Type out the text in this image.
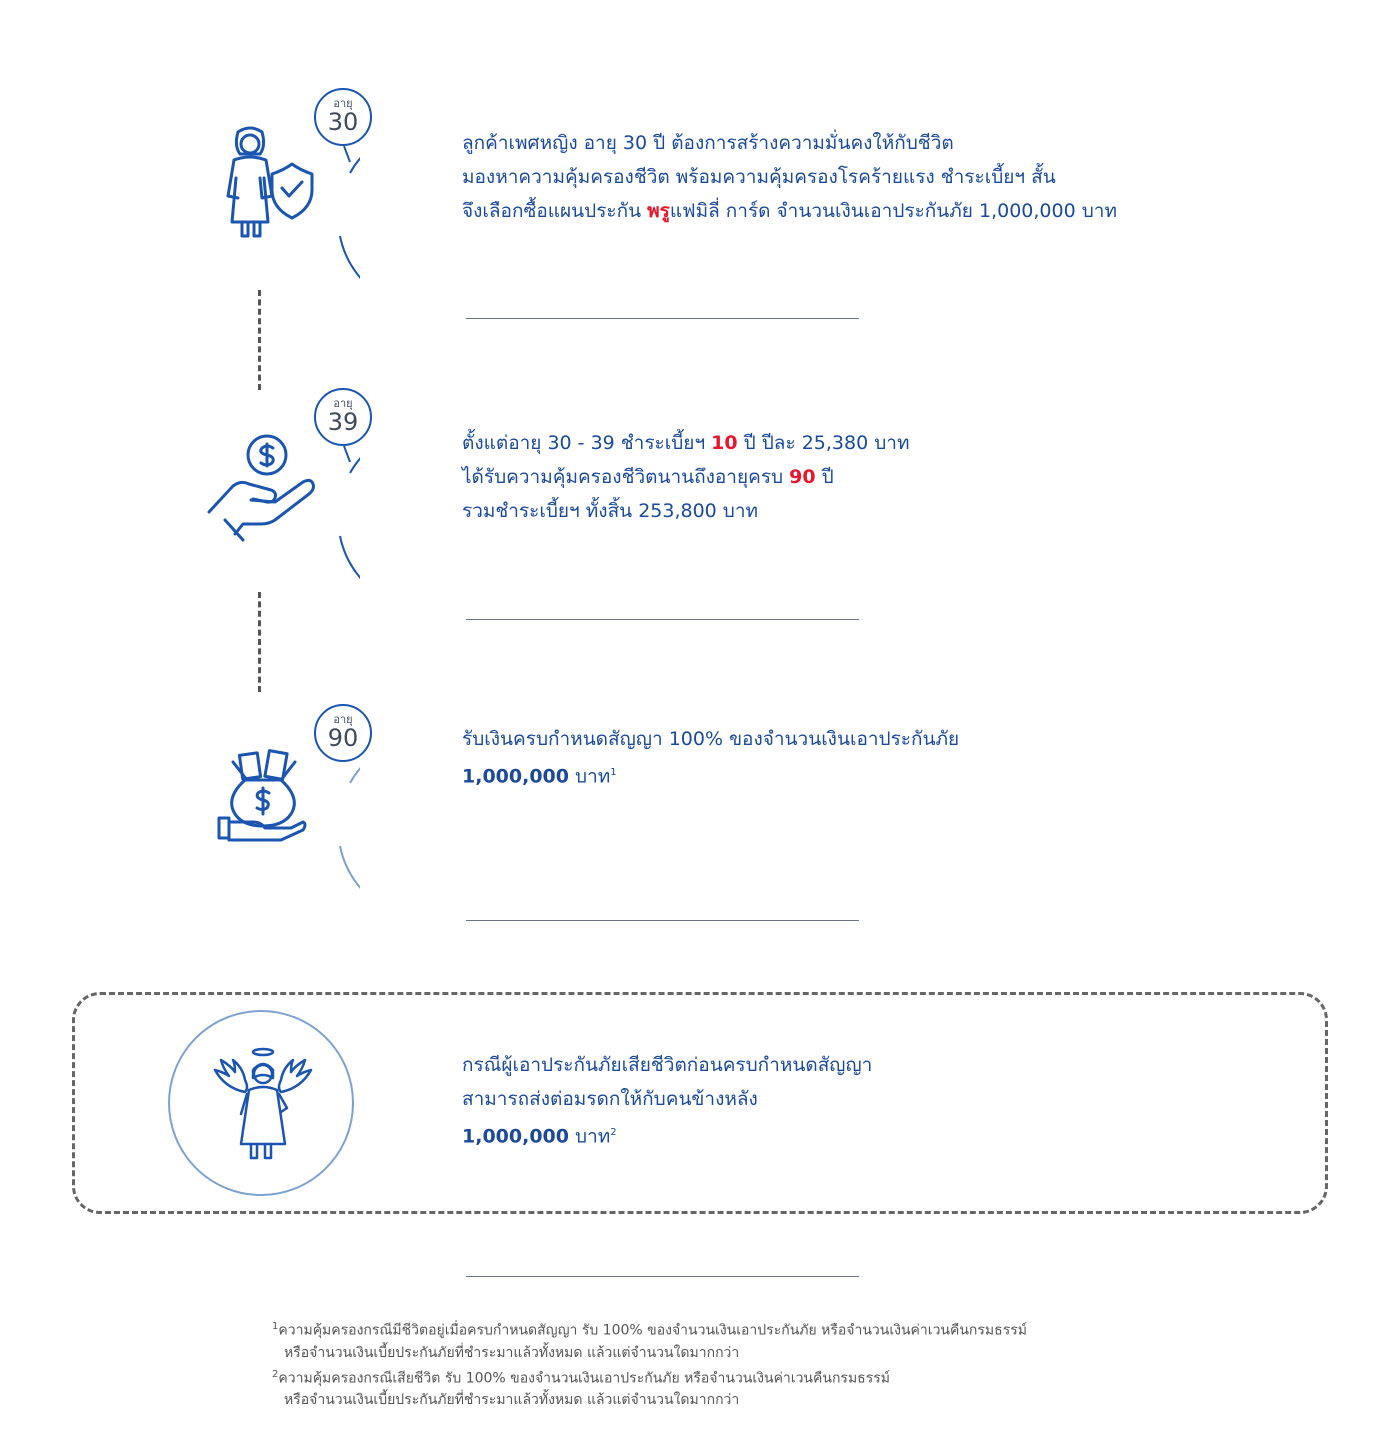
อายุ
30
ลูกค้าเพศหญิง อายุ 30 ปี ต้องการสร้างความมั่นคงให้กับชีวิต
มองหาความคุ้มครองชีวิต พร้อมความคุ้มครองโรคร้ายแรง ชำระเบี้ยฯ สั้น
จึงเลือกซื้อแผนประกัน พรูแฟมิลี่ การ์ด จำนวนเงินเอาประกันภัย 1,000,000 บาท
อายุ
39
ตั้งแต่อายุ 30 - 39 ชำระเบี้ยฯ 10 ปี ปีละ 25,380 บาท
ได้รับความคุ้มครองชีวิตนานถึงอายุครบ 90 ปี
รวมชำระเบี้ยฯ ทั้งสิ้น 253,800 บาท
อายุ
90	รับเงินครบกำหนดสัญญา 100% ของจำนวนเงินเอาประกันภัย
1,000,000 บาท$^1$
กรณีผู้เอาประกันภัยเสียชีวิตก่อนครบกำหนดสัญญา
สามารถส่งต่อมรดกให้กับคนข้างหลัง
1,000,000 บาท$^2$
$^1$ความคุ้มครองกรณีมีชีวิตอยู่เมื่อครบกำหนดสัญญา รับ 100% ของจำนวนเงินเอาประกันภัย หรือจำนวนเงินค่าเวนคืนกรมธรรม์
หรือจำนวนเงินเบี้ยประกันภัยที่ชำระมาแล้วทั้งหมด แล้วแต่จำนวนใดมากกว่า
$^2$ความคุ้มครองกรณีเสียชีวิต รับ 100% ของจำนวนเงินเอาประกันภัย หรือจำนวนเงินค่าเวนคืนกรมธรรม์
หรือจำนวนเงินเบี้ยประกันภัยที่ชำระมาแล้วทั้งหมด แล้วแต่จำนวนใดมากกว่า
